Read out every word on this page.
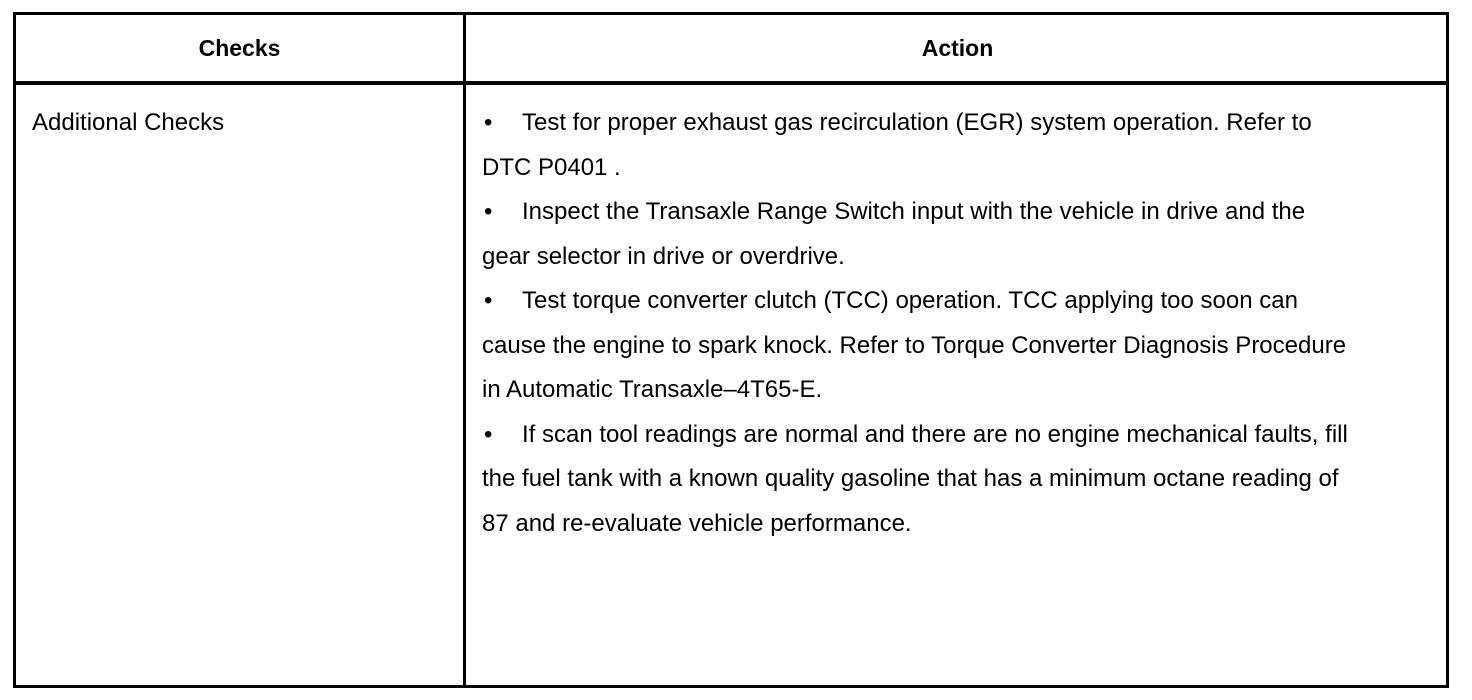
Checks	Action
Additional Checks	• Test for proper exhaust gas recirculation (EGR) system operation. Refer to DTC P0401 .

• Inspect the Transaxle Range Switch input with the vehicle in drive and the gear selector in drive or overdrive.

• Test torque converter clutch (TCC) operation. TCC applying too soon can cause the engine to spark knock. Refer to Torque Converter Diagnosis Procedure in Automatic Transaxle–4T65-E.

• If scan tool readings are normal and there are no engine mechanical faults, fill the fuel tank with a known quality gasoline that has a minimum octane reading of 87 and re-evaluate vehicle performance.
